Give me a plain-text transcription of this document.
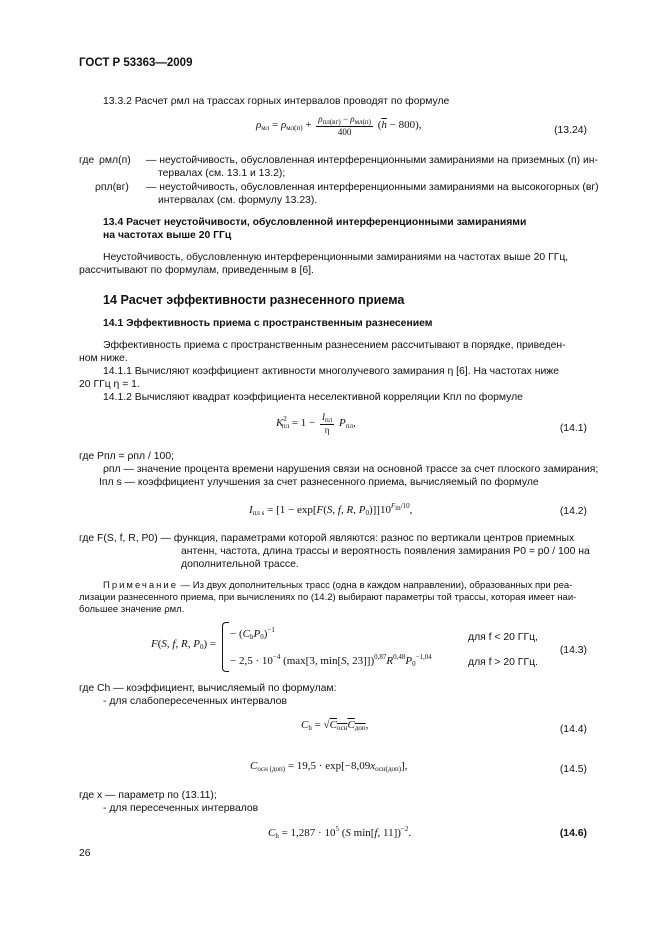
ГОСТ Р 53363—2009
13.3.2 Расчет ρмл на трассах горных интервалов проводят по формуле
$\rho_{мл} = \rho_{мл(п)} + \frac{\rho_{пл(вг)} - \rho_{мл(п)}}{400} (\overline{h} - 800)$,	(13.24)
где ρмл(п) — неустойчивость, обусловленная интерференционными замираниями на приземных (п) ин-
тервалах (см. 13.1 и 13.2);
ρпл(вг) — неустойчивость, обусловленная интерференционными замираниями на высокогорных (вг)
интервалах (см. формулу 13.23).
13.4 Расчет неустойчивости, обусловленной интерференционными замираниями
на частотах выше 20 ГГц
Неустойчивость, обусловленную интерференционными замираниями на частотах выше 20 ГГц,
рассчитывают по формулам, приведенным в [6].
14 Расчет эффективности разнесенного приема
14.1 Эффективность приема с пространственным разнесением
Эффективность приема с пространственным разнесением рассчитывают в порядке, приведен-
ном ниже.
14.1.1 Вычисляют коэффициент активности многолучевого замирания η [6]. На частотах ниже
20 ГГц η = 1.
14.1.2 Вычисляют квадрат коэффициента неселективной корреляции Kпл по формуле
$K^2_{пл} = 1 - \frac{I_{пл}}{\eta} P_{пл}$,	(14.1)
где Pпл = ρпл / 100;
ρпл — значение процента времени нарушения связи на основной трассе за счет плоского замирания;
Iпл s — коэффициент улучшения за счет разнесенного приема, вычисляемый по формуле
$I_{пл s} = [1 - \exp[F(S$, f, R, $P_0)]]10^{F_m/10}$,	(14.2)
где F(S, f, R, P0) — функция, параметрами которой являются: разнос по вертикали центров приемных
антенн, частота, длина трассы и вероятность появления замирания P0 = p0 / 100 на
дополнительной трассе.
Примечание — Из двух дополнительных трасс (одна в каждом направлении), образованных при реа-
лизации разнесенного приема, при вычислениях по (14.2) выбирают параметры той трассы, которая имеет наи-
большее значение ρмл.
F(S, f, R, $P_0$) =
− $(C_hP_0)^{-1}$
− $2,5 \cdot 10^{-4}$ (max[3, min[S, $23]])^{0,87}R^{0,48}P_0^{-1,04}$
для f < 20 ГГц,
для f > 20 ГГц.
(14.3)
где Ch — коэффициент, вычисляемый по формулам:
- для слабопересеченных интервалов
$C_h = √C_{осн}C_{доп}$,	(14.4)
$C_{осн (доп)} = 19,5 \cdot \exp[-8,09x_{осн(доп)}]$,	(14.5)
где x — параметр по (13.11);
- для пересеченных интервалов
$C_h = 1,287 \cdot 10^5$ (S min[f, 11])$^{-2}$.	(14.6)
26
